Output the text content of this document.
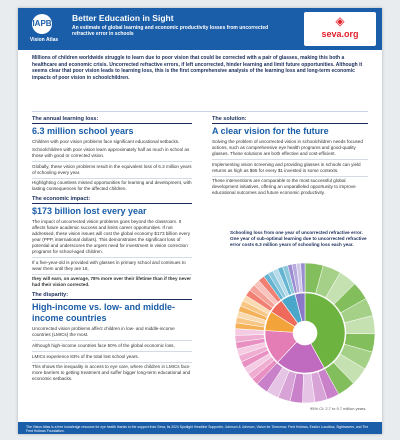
IAPB
Vision Atlas
Better Education in Sight
An estimate of global learning and economic productivity losses from uncorrected refractive error in schools
◈
seva.org
Millions of children worldwide struggle to learn due to poor vision that could be corrected with a pair of glasses, making this both a healthcare and economic crisis. Uncorrected refractive errors, if left uncorrected, hinder learning and limit future opportunities. Although it seems clear that poor vision leads to learning loss, this is the first comprehensive analysis of the learning loss and long-term economic impacts of poor vision in schoolchildren.
The annual learning loss:
6.3 million school years
Children with poor vision problems face significant educational setbacks.
Schoolchildren with poor vision learn approximately half as much in school as those with good or corrected vision.
Globally, these vision problems result in the equivalent loss of 6.3 million years of schooling every year.
Highlighting countless missed opportunities for learning and development, with lasting consequences for the affected children.
The economic impact:
$173 billion lost every year
The impact of uncorrected vision problems goes beyond the classroom. It affects future academic success and limits career opportunities. If not addressed, these vision issues will cost the global economy $173 billion every year (PPP, international dollars). This demonstrates the significant loss of potential and underscores the urgent need for investment in vision correction programs for school-aged children.
If a five-year-old is provided with glasses in primary school and continues to wear them until they are 18,
they will earn, on average, 78% more over their lifetime than if they never had their vision corrected.
The disparity:
High-income vs. low- and middle-income countries
Uncorrected vision problems affect children in low- and middle-income countries (LMICs) the most.
Although high-income countries face 50% of the global economic loss,
LMICs experience 83% of the total lost school years.
This shows the inequality in access to eye care, where children in LMICs face more barriers to getting treatment and suffer bigger long-term educational and economic setbacks.
The solution:
A clear vision for the future
Solving the problem of uncorrected vision in schoolchildren needs focused actions, such as comprehensive eye health programs and good-quality glasses. These solutions are both effective and cost-efficient.
Implementing vision screening and providing glasses in schools can yield returns as high as $65 for every $1 invested in some contexts.
These interventions are comparable to the most successful global development initiatives, offering an unparalleled opportunity to improve educational outcomes and future economic productivity.
Schooling loss from one year of uncorrected refractive error. One year of sub-optimal learning due to uncorrected refractive error costs 6.3 million years of schooling loss each year.
95% CI: 2.7 to 9.7 million years.
The Vision Atlas is a free knowledge resource for eye health thanks to the support from Seva, its 2024 Spotlight Headline Supporter, Johnson & Johnson, Vision for Tomorrow, Fred Hollows, Essilor Luxottica, Sightsavers, and The Fred Hollows Foundation.
